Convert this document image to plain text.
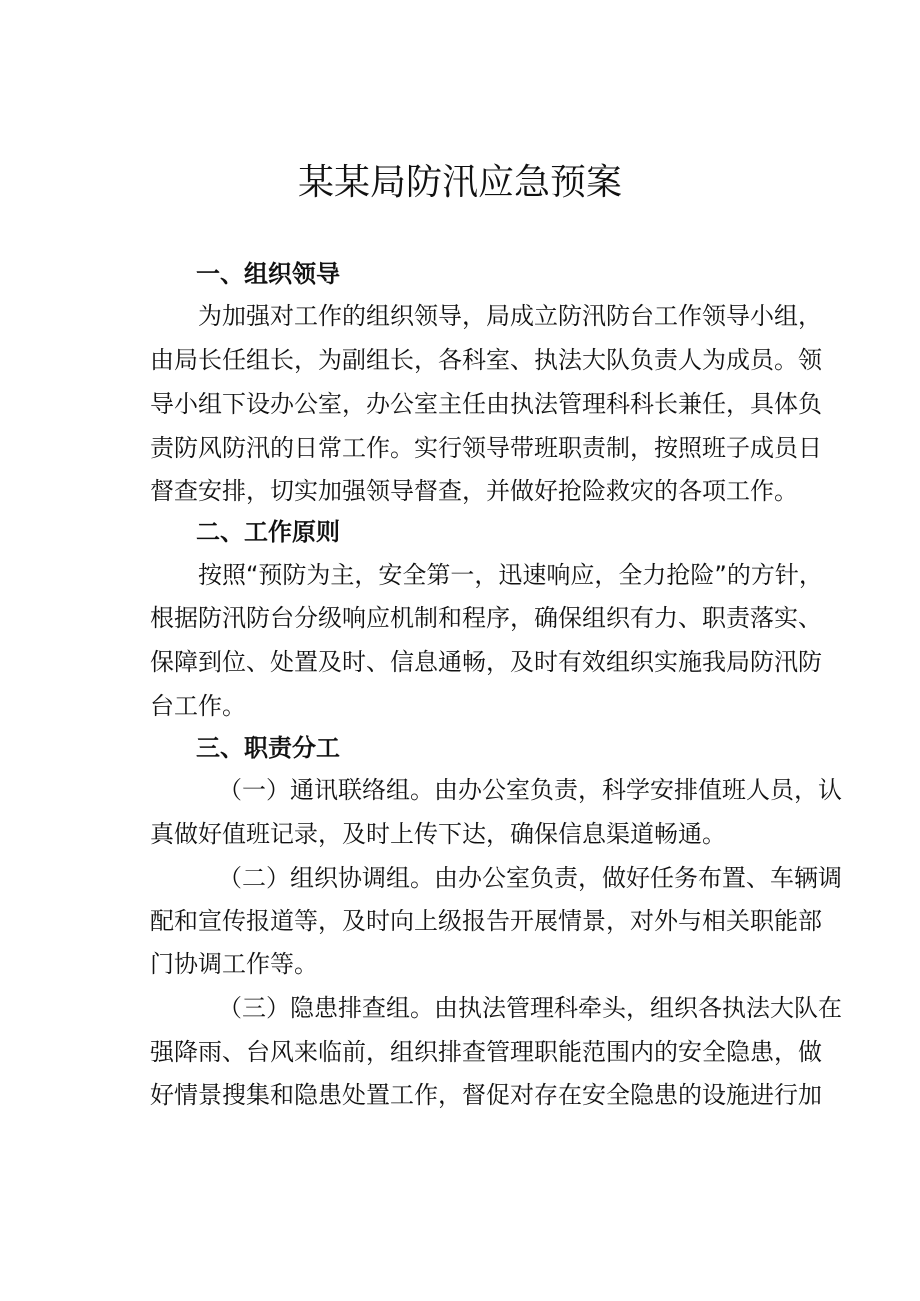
某某局防汛应急预案
一、组织领导

为加强对工作的组织领导，局成立防汛防台工作领导小组，

由局长任组长，为副组长，各科室、执法大队负责人为成员。领

导小组下设办公室，办公室主任由执法管理科科长兼任，具体负

责防风防汛的日常工作。实行领导带班职责制，按照班子成员日

督查安排，切实加强领导督查，并做好抢险救灾的各项工作。

二、工作原则

按照“预防为主，安全第一，迅速响应，全力抢险”的方针，

根据防汛防台分级响应机制和程序，确保组织有力、职责落实、

保障到位、处置及时、信息通畅，及时有效组织实施我局防汛防

台工作。

三、职责分工

（一）通讯联络组。由办公室负责，科学安排值班人员，认

真做好值班记录，及时上传下达，确保信息渠道畅通。

（二）组织协调组。由办公室负责，做好任务布置、车辆调

配和宣传报道等，及时向上级报告开展情景，对外与相关职能部

门协调工作等。

（三）隐患排查组。由执法管理科牵头，组织各执法大队在

强降雨、台风来临前，组织排查管理职能范围内的安全隐患，做

好情景搜集和隐患处置工作，督促对存在安全隐患的设施进行加
